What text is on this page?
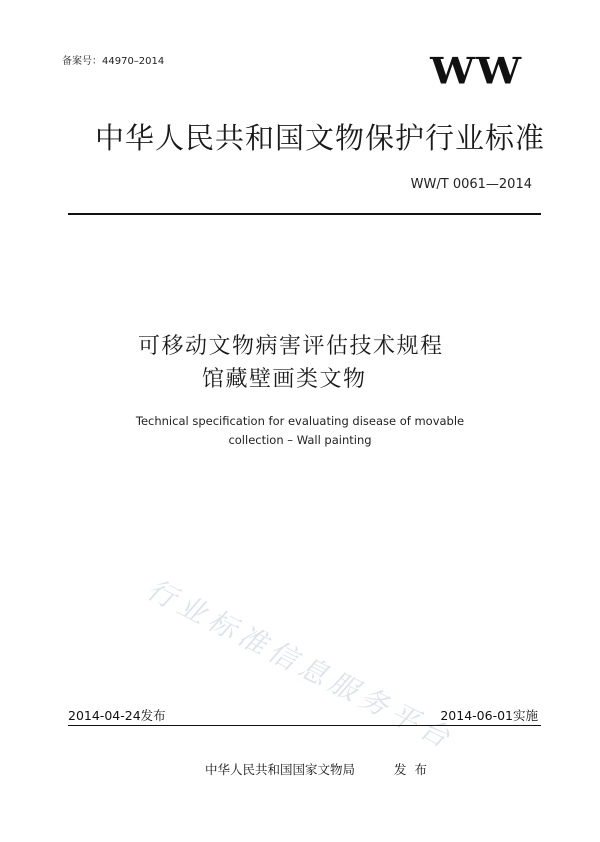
备案号：44970–2014	WW
中华人民共和国文物保护行业标准
WW/T 0061—2014
可移动文物病害评估技术规程
馆藏壁画类文物
Technical specification for evaluating disease of movable
collection – Wall painting
行业标准信息服务平台
2014-04-24发布	2014-06-01实施
中华人民共和国国家文物局	发布
